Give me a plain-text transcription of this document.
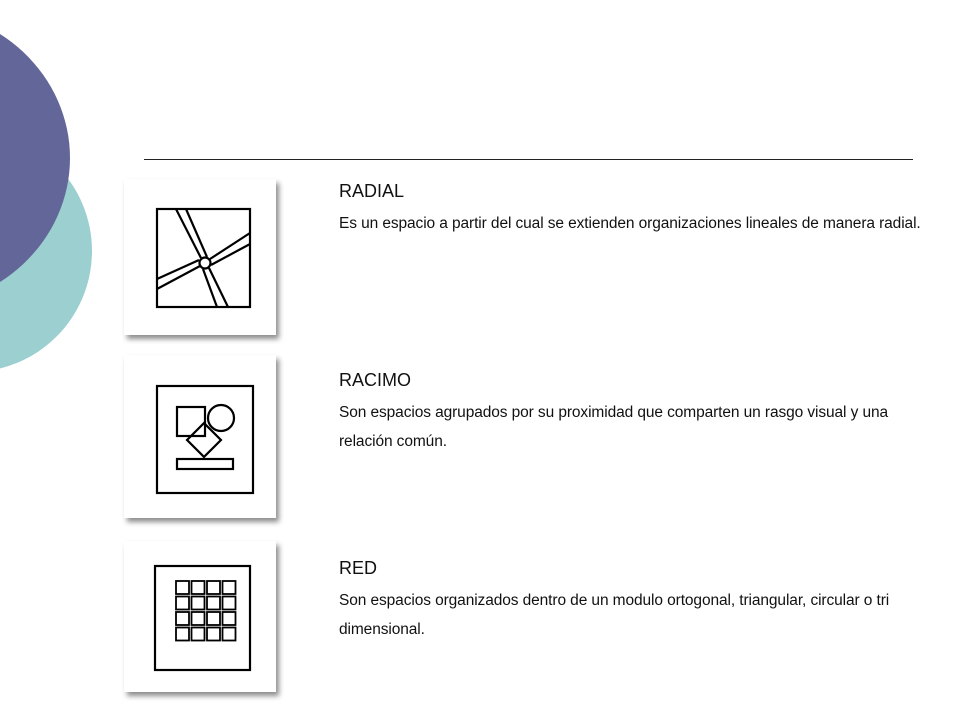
RADIAL

Es un espacio a partir del cual se extienden organizaciones lineales de manera radial.

RACIMO

Son espacios agrupados por su proximidad que comparten un rasgo visual y una relación común.

RED

Son espacios organizados dentro de un modulo ortogonal, triangular, circular o tri dimensional.
